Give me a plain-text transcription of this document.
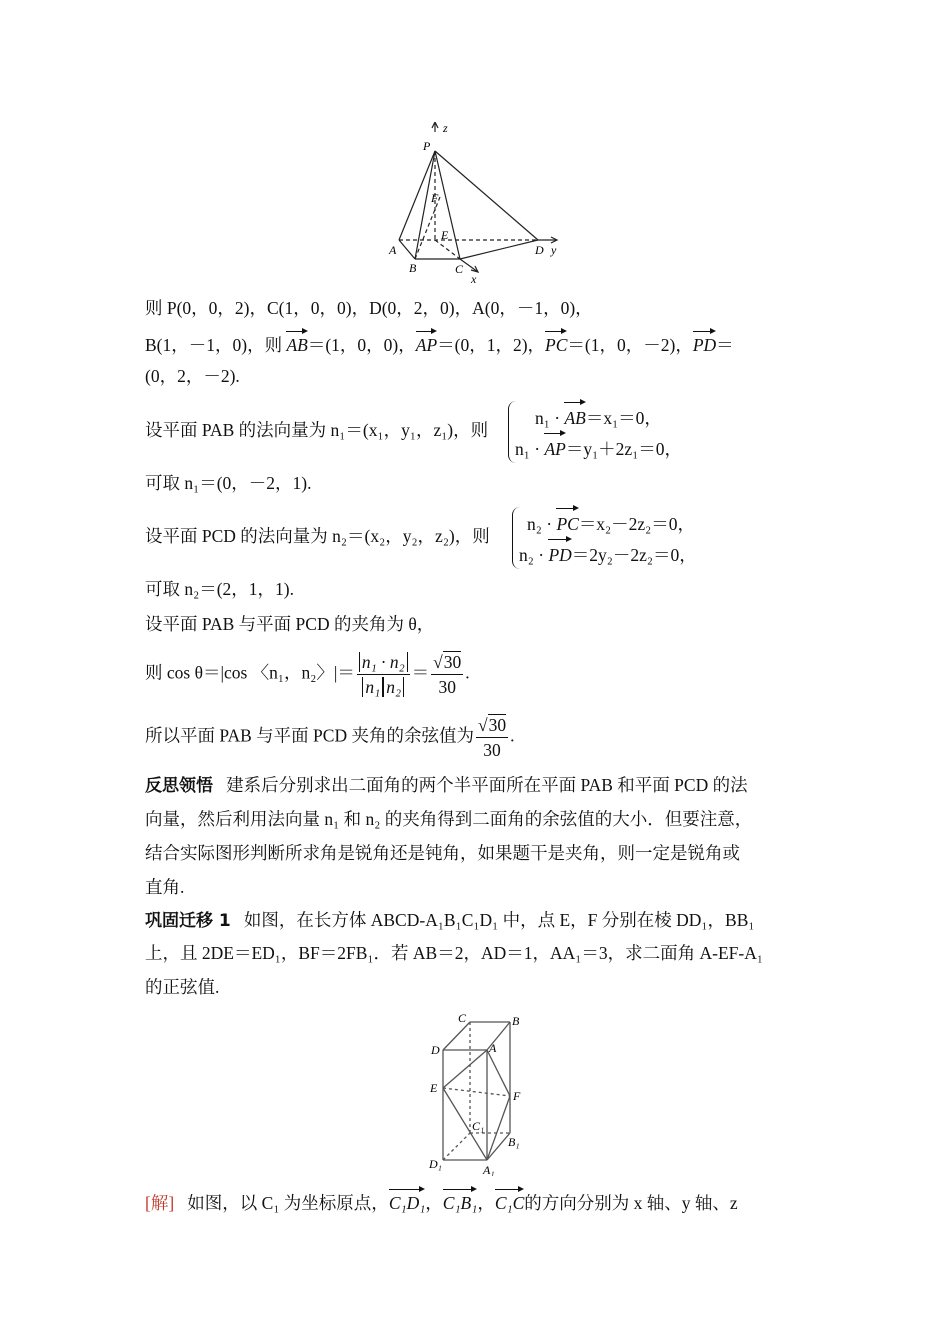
z
P
F
E
A
B	C
D y
x
则 P(0，0，2)，C(1，0，0)，D(0，2，0)，A(0，－1，0)，
B(1，－1，0)，则 AB＝(1，0，0)，AP＝(0，1，2)，PC＝(1，0，－2)，PD＝
(0，2，－2).
设平面 PAB 的法向量为 n₁＝(x₁，y₁，z₁)，则
n₁ · AB＝x₁＝0，
n₁ · AP＝y₁＋2z₁＝0，
可取 n₁＝(0，－2，1).
设平面 PCD 的法向量为 n₂＝(x₂，y₂，z₂)，则
n₂ · PC＝x₂－2z₂＝0，
n₂ · PD＝2y₂－2z₂＝0，
可取 n₂＝(2，1，1).
设平面 PAB 与平面 PCD 的夹角为 θ，
则 cos θ＝|cos 〈n₁，n₂〉|＝ $\frac{\text{n₁ · n₂}}{\text{n₁ n₂}} = \frac{√30}{30}$ .
所以平面 PAB 与平面 PCD 夹角的余弦值为 $\frac{√30}{30}$ .
反思领悟 建系后分别求出二面角的两个半平面所在平面 PAB 和平面 PCD 的法
向量，然后利用法向量 n₁ 和 n₂ 的夹角得到二面角的余弦值的大小．但要注意，
结合实际图形判断所求角是锐角还是钝角，如果题干是夹角，则一定是锐角或
直角.
巩固迁移 1 如图，在长方体 ABCD-A₁B₁C₁D₁ 中，点 E，F 分别在棱 DD₁，BB₁
上，且 2DE＝ED₁，BF＝2FB₁．若 AB＝2，AD＝1，AA₁＝3，求二面角 A-EF-A₁
的正弦值.
C	B
D	A
E
F
C₁
B₁
D₁	A₁
[解] 如图，以 C₁ 为坐标原点，C₁D₁，C₁B₁，C₁C的方向分别为 x 轴、y 轴、z
